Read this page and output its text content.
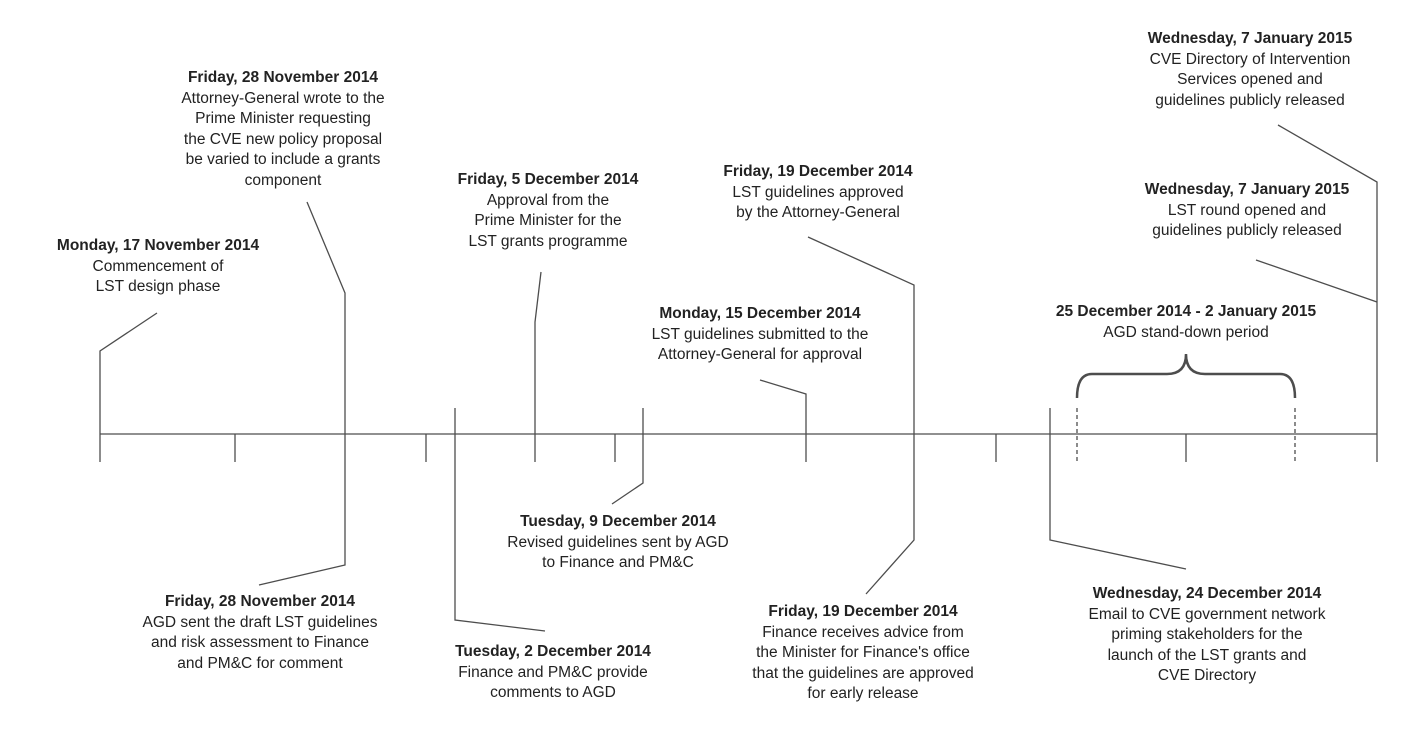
Monday, 17 November 2014
Commencement of
LST design phase
Friday, 28 November 2014
Attorney-General wrote to the
Prime Minister requesting
the CVE new policy proposal
be varied to include a grants
component	Friday, 5 December 2014
Approval from the
Prime Minister for the
LST grants programme
Friday, 19 December 2014
LST guidelines approved
by the Attorney-General
Monday, 15 December 2014
LST guidelines submitted to the
Attorney-General for approval
Wednesday, 7 January 2015
CVE Directory of Intervention
Services opened and
guidelines publicly released
Wednesday, 7 January 2015
LST round opened and
guidelines publicly released
25 December 2014 - 2 January 2015
AGD stand-down period
Tuesday, 9 December 2014
Revised guidelines sent by AGD
to Finance and PM&C
Friday, 28 November 2014
AGD sent the draft LST guidelines
and risk assessment to Finance
and PM&C for comment
Tuesday, 2 December 2014
Finance and PM&C provide
comments to AGD
Friday, 19 December 2014
Finance receives advice from
the Minister for Finance's office
that the guidelines are approved
for early release
Wednesday, 24 December 2014
Email to CVE government network
priming stakeholders for the
launch of the LST grants and
CVE Directory
